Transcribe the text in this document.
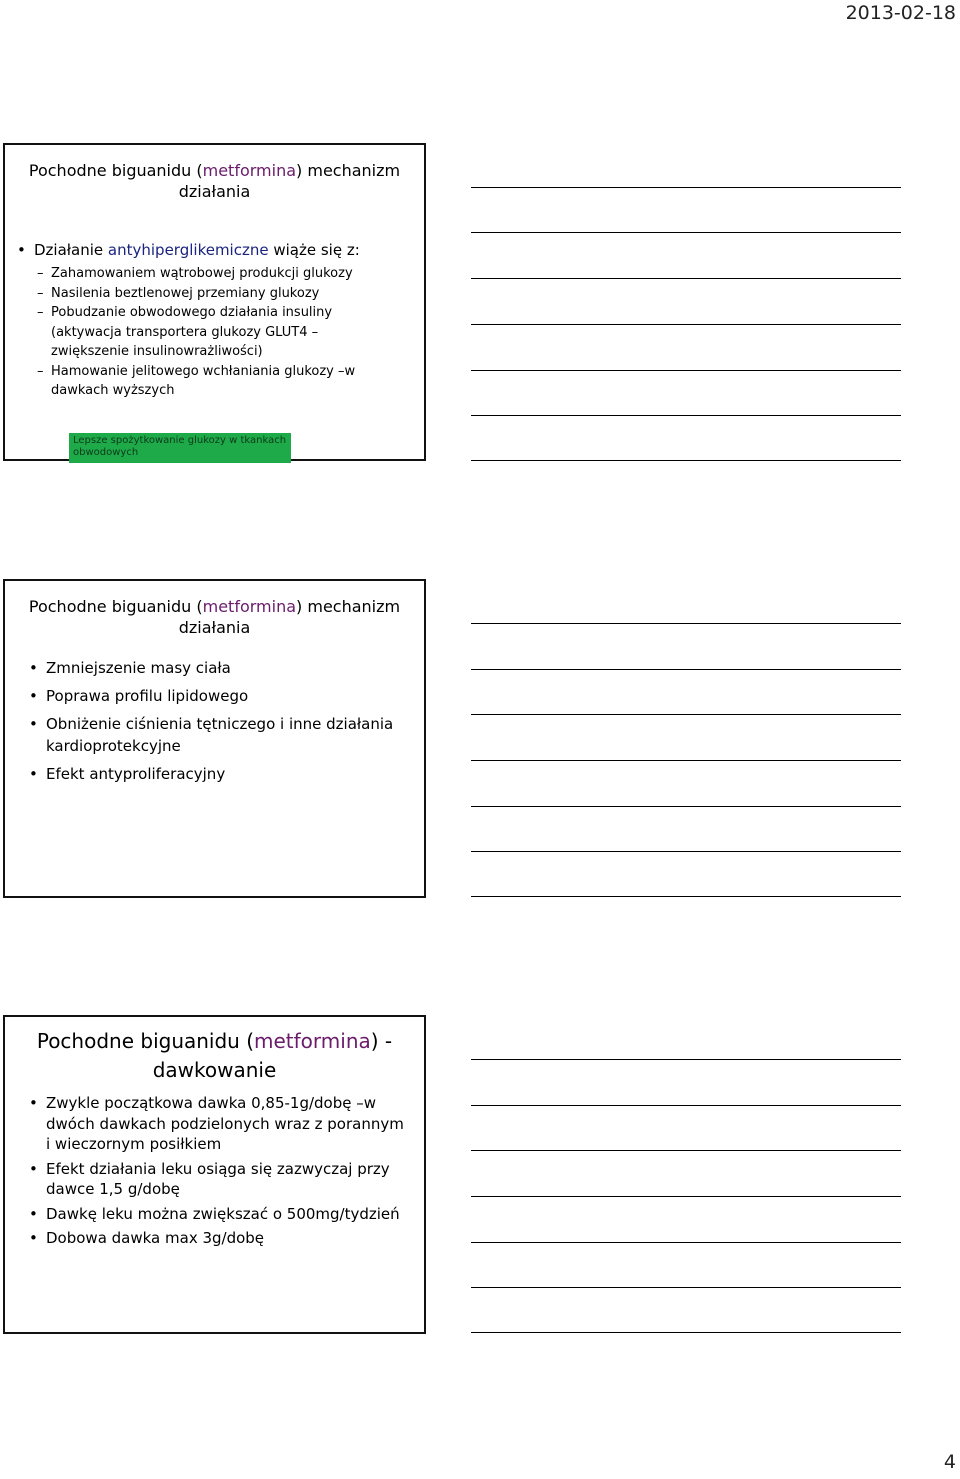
2013-02-18
Pochodne biguanidu (metformina) mechanizm
działania
• Działanie antyhiperglikemiczne wiąże się z:
– Zahamowaniem wątrobowej produkcji glukozy
– Nasilenia beztlenowej przemiany glukozy
– Pobudzanie obwodowego działania insuliny (aktywacja transportera glukozy GLUT4 – zwiększenie insulinowrażliwości)
– Hamowanie jelitowego wchłaniania glukozy –w dawkach wyższych
Lepsze spożytkowanie glukozy w tkankach obwodowych
Pochodne biguanidu (metformina) mechanizm
działania
• Zmniejszenie masy ciała
• Poprawa profilu lipidowego
• Obniżenie ciśnienia tętniczego i inne działania kardioprotekcyjne
• Efekt antyproliferacyjny
Pochodne biguanidu (metformina) -
dawkowanie
• Zwykle początkowa dawka 0,85-1g/dobę –w dwóch dawkach podzielonych wraz z porannym i wieczornym posiłkiem
• Efekt działania leku osiąga się zazwyczaj przy dawce 1,5 g/dobę
• Dawkę leku można zwiększać o 500mg/tydzień
• Dobowa dawka max 3g/dobę
4
